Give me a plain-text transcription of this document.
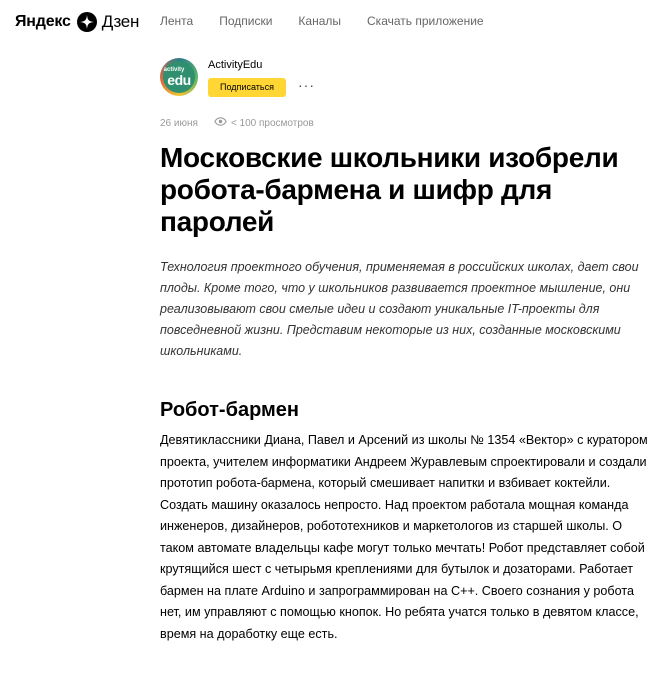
Яндекс Дзен Лента Подписки Каналы Скачать приложение
activity
edu
ActivityEdu
Подписаться	···
26 июня	< 100 просмотров
Московские школьники изобрели робота-бармена и шифр для паролей

Технология проектного обучения, применяемая в российских школах, дает свои плоды. Кроме того, что у школьников развивается проектное мышление, они реализовывают свои смелые идеи и создают уникальные IT-проекты для повседневной жизни. Представим некоторые из них, созданные московскими школьниками.

Робот-бармен

Девятиклассники Диана, Павел и Арсений из школы № 1354 «Вектор» с куратором проекта, учителем информатики Андреем Журавлевым спроектировали и создали прототип робота-бармена, который смешивает напитки и взбивает коктейли. Создать машину оказалось непросто. Над проектом работала мощная команда инженеров, дизайнеров, робототехников и маркетологов из старшей школы. О таком автомате владельцы кафе могут только мечтать! Робот представляет собой крутящийся шест с четырьмя креплениями для бутылок и дозаторами. Работает бармен на плате Arduino и запрограммирован на C++. Своего сознания у робота нет, им управляют с помощью кнопок. Но ребята учатся только в девятом классе, время на доработку еще есть.
